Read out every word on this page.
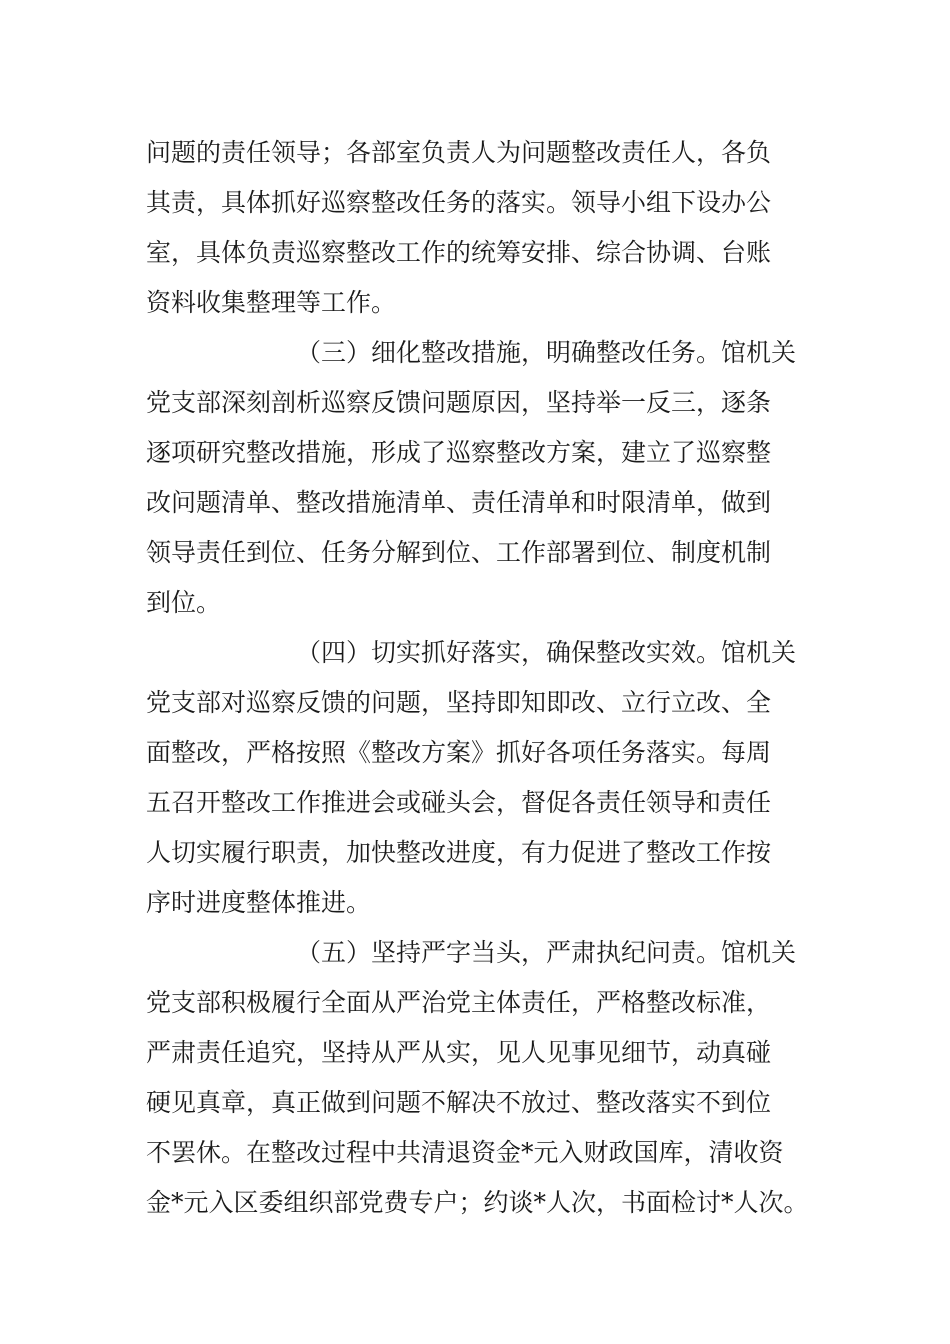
问题的责任领导；各部室负责人为问题整改责任人，各负
其责，具体抓好巡察整改任务的落实。领导小组下设办公
室，具体负责巡察整改工作的统筹安排、综合协调、台账
资料收集整理等工作。
（三）细化整改措施，明确整改任务。馆机关
党支部深刻剖析巡察反馈问题原因，坚持举一反三，逐条
逐项研究整改措施，形成了巡察整改方案，建立了巡察整
改问题清单、整改措施清单、责任清单和时限清单，做到
领导责任到位、任务分解到位、工作部署到位、制度机制
到位。
（四）切实抓好落实，确保整改实效。馆机关
党支部对巡察反馈的问题，坚持即知即改、立行立改、全
面整改，严格按照《整改方案》抓好各项任务落实。每周
五召开整改工作推进会或碰头会，督促各责任领导和责任
人切实履行职责，加快整改进度，有力促进了整改工作按
序时进度整体推进。
（五）坚持严字当头，严肃执纪问责。馆机关
党支部积极履行全面从严治党主体责任，严格整改标准，
严肃责任追究，坚持从严从实，见人见事见细节，动真碰
硬见真章，真正做到问题不解决不放过、整改落实不到位
不罢休。在整改过程中共清退资金*元入财政国库，清收资
金*元入区委组织部党费专户；约谈*人次，书面检讨*人次。
